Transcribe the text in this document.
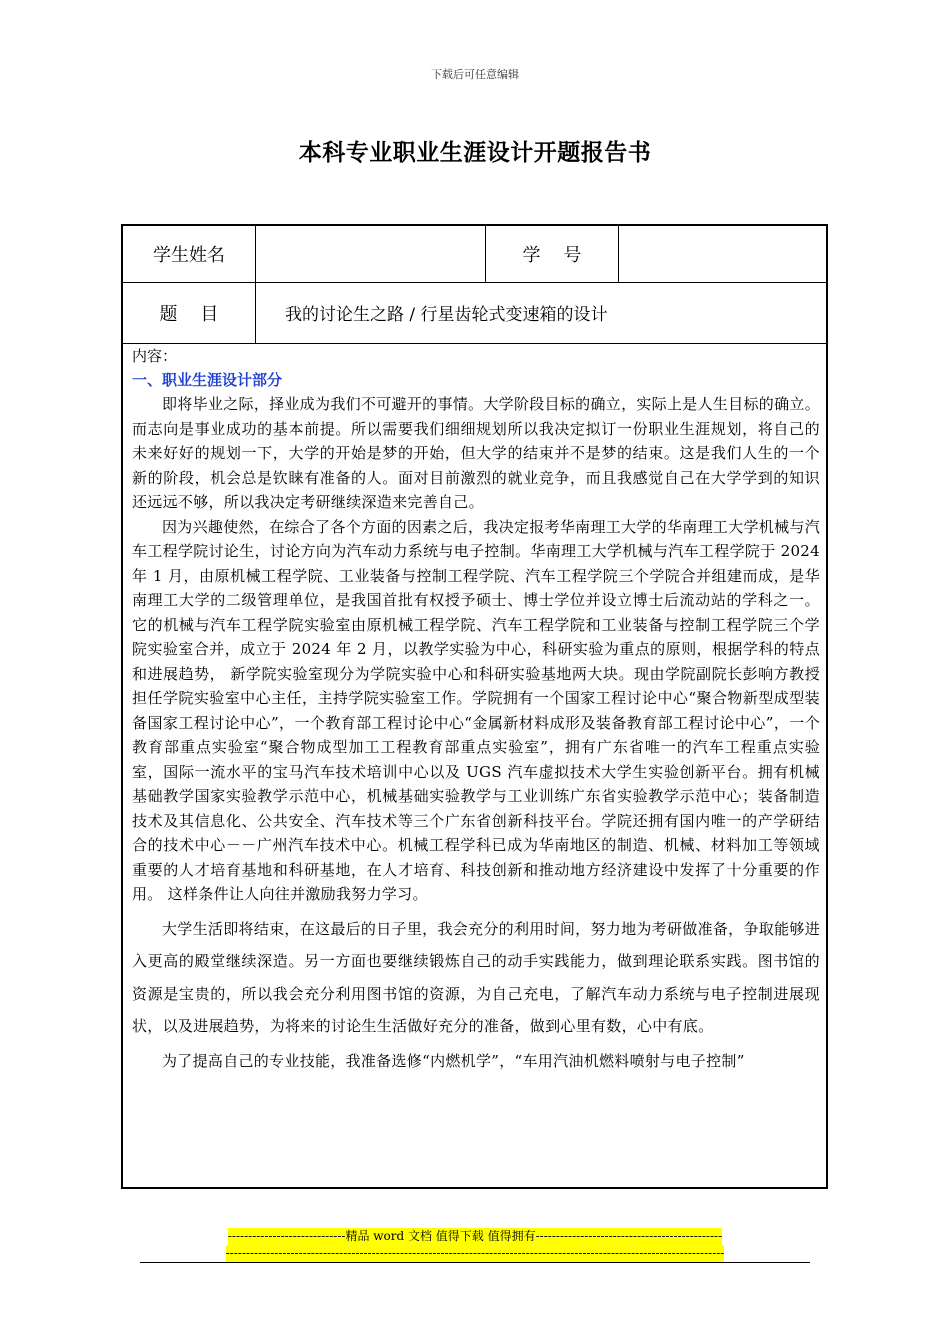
下载后可任意编辑
本科专业职业生涯设计开题报告书
学生姓名	学    号
题    目	我的讨论生之路 / 行星齿轮式变速箱的设计
内容：
一、职业生涯设计部分

即将毕业之际，择业成为我们不可避开的事情。大学阶段目标的确立，实际上是人生目标的确立。而志向是事业成功的基本前提。所以需要我们细细规划所以我决定拟订一份职业生涯规划，将自己的未来好好的规划一下，大学的开始是梦的开始，但大学的结束并不是梦的结束。这是我们人生的一个新的阶段，机会总是钦睐有准备的人。面对目前激烈的就业竞争，而且我感觉自己在大学学到的知识还远远不够，所以我决定考研继续深造来完善自己。

因为兴趣使然，在综合了各个方面的因素之后，我决定报考华南理工大学的华南理工大学机械与汽车工程学院讨论生，讨论方向为汽车动力系统与电子控制。华南理工大学机械与汽车工程学院于 2024 年 1 月，由原机械工程学院、工业装备与控制工程学院、汽车工程学院三个学院合并组建而成，是华南理工大学的二级管理单位，是我国首批有权授予硕士、博士学位并设立博士后流动站的学科之一。它的机械与汽车工程学院实验室由原机械工程学院、汽车工程学院和工业装备与控制工程学院三个学院实验室合并，成立于 2024 年 2 月，以教学实验为中心，科研实验为重点的原则，根据学科的特点和进展趋势， 新学院实验室现分为学院实验中心和科研实验基地两大块。现由学院副院长彭响方教授担任学院实验室中心主任，主持学院实验室工作。学院拥有一个国家工程讨论中心“聚合物新型成型装备国家工程讨论中心”，一个教育部工程讨论中心“金属新材料成形及装备教育部工程讨论中心”，一个教育部重点实验室“聚合物成型加工工程教育部重点实验室”，拥有广东省唯一的汽车工程重点实验室，国际一流水平的宝马汽车技术培训中心以及 UGS 汽车虚拟技术大学生实验创新平台。拥有机械基础教学国家实验教学示范中心，机械基础实验教学与工业训练广东省实验教学示范中心；装备制造技术及其信息化、公共安全、汽车技术等三个广东省创新科技平台。学院还拥有国内唯一的产学研结合的技术中心－－广州汽车技术中心。机械工程学科已成为华南地区的制造、机械、材料加工等领域重要的人才培育基地和科研基地，在人才培育、科技创新和推动地方经济建设中发挥了十分重要的作用。 这样条件让人向往并激励我努力学习。

大学生活即将结束，在这最后的日子里，我会充分的利用时间，努力地为考研做准备，争取能够进入更高的殿堂继续深造。另一方面也要继续锻炼自己的动手实践能力，做到理论联系实践。图书馆的资源是宝贵的，所以我会充分利用图书馆的资源，为自己充电，了解汽车动力系统与电子控制进展现状，以及进展趋势，为将来的讨论生生活做好充分的准备，做到心里有数，心中有底。

为了提高自己的专业技能，我准备选修“内燃机学”，“车用汽油机燃料喷射与电子控制”

-----------------------------精品 word 文档 值得下载 值得拥有----------------------------------------------
---------------------------------------------------------------------------------------------------------------------------
